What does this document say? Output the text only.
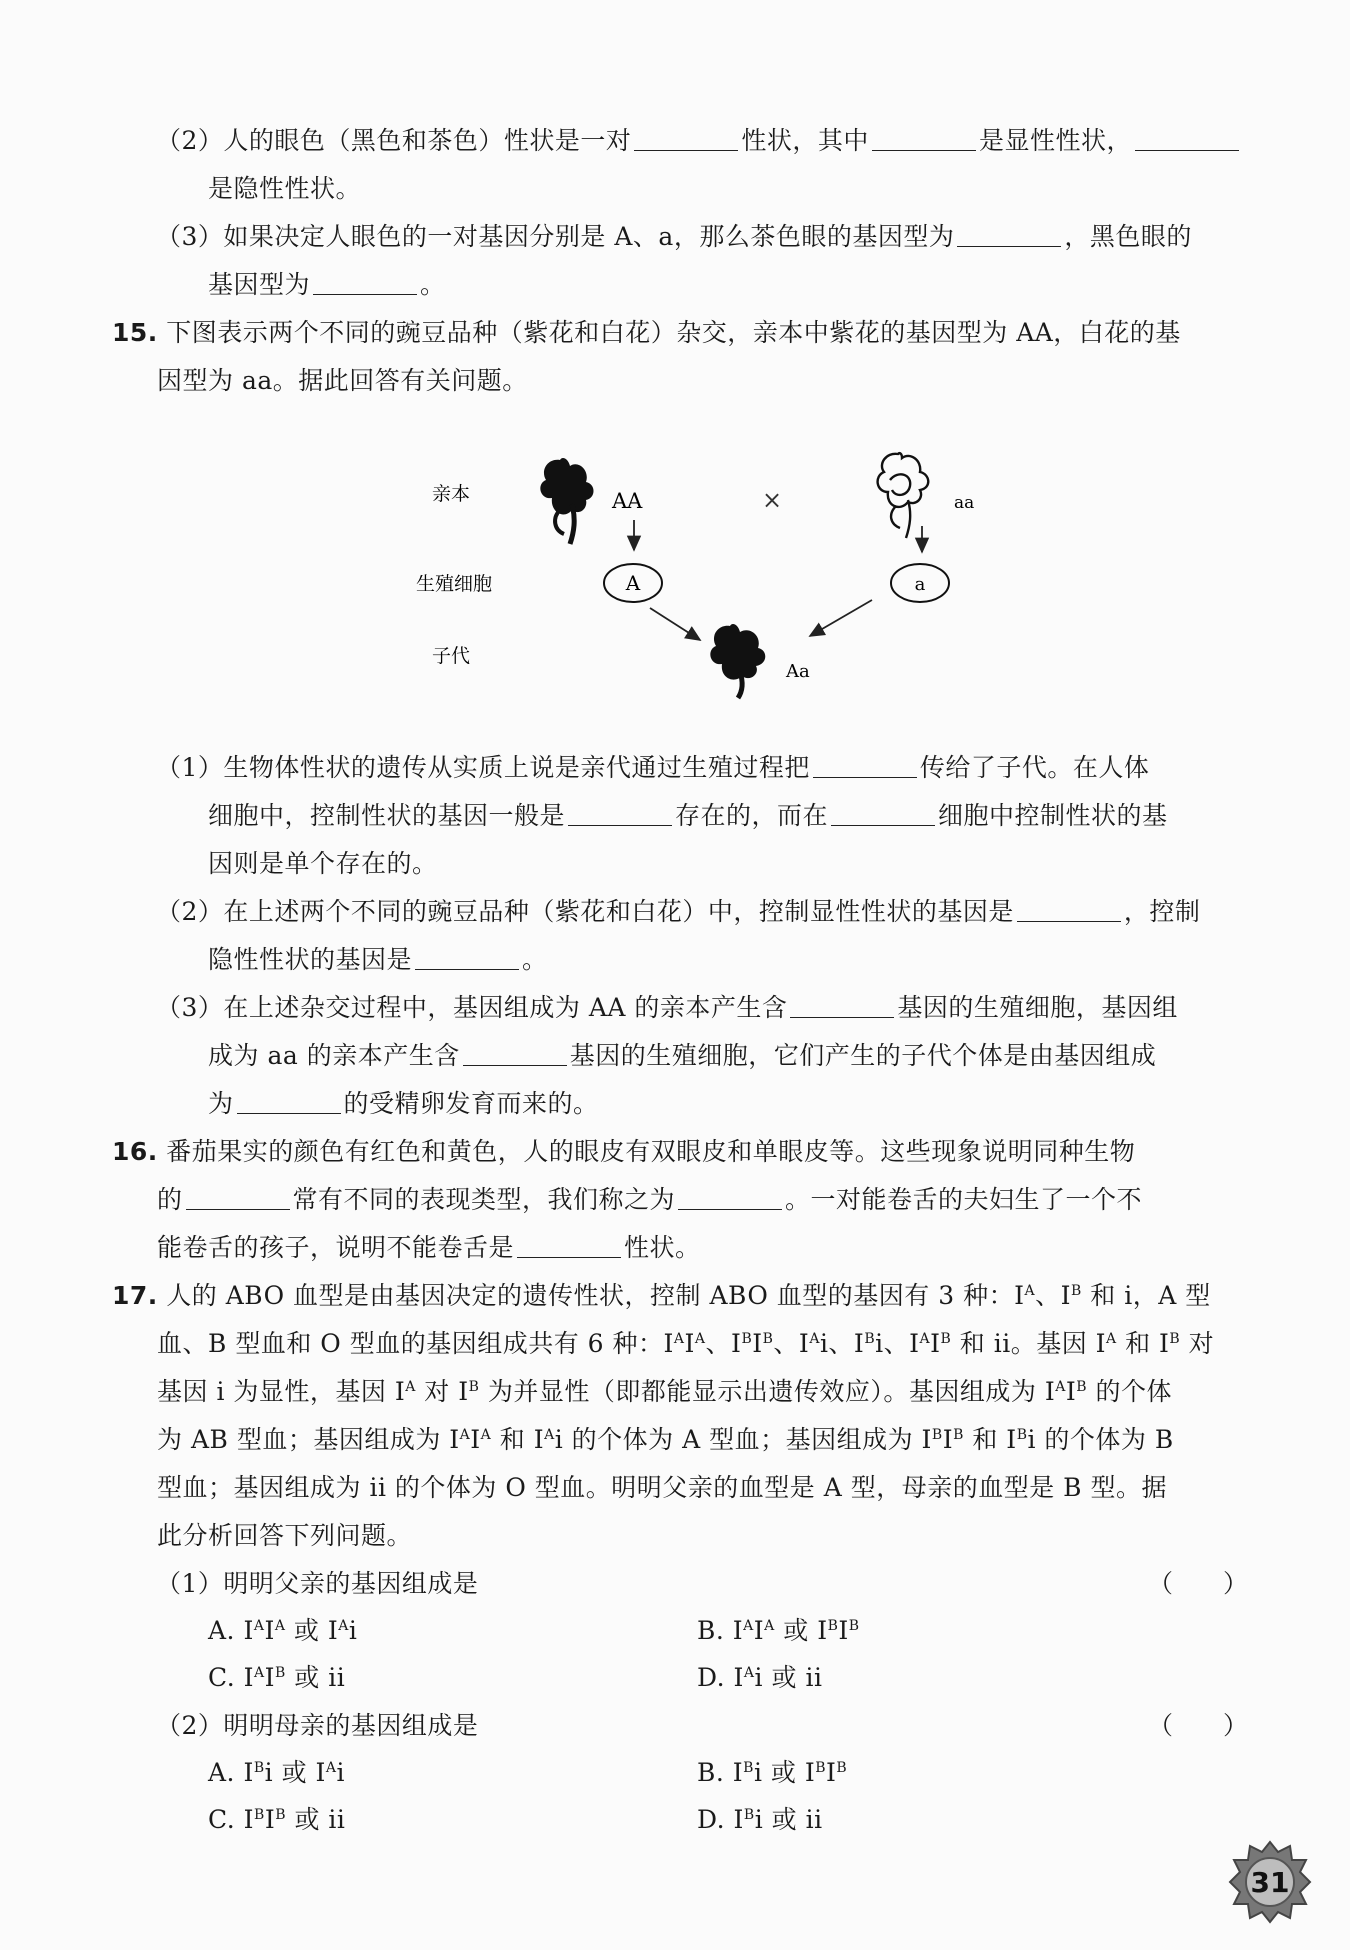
（2）人的眼色（黑色和茶色）性状是一对	性状，其中	是显性性状，
是隐性性状。
（3）如果决定人眼色的一对基因分别是 A、a，那么茶色眼的基因型为	，黑色眼的
基因型为	。
15. 下图表示两个不同的豌豆品种（紫花和白花）杂交，亲本中紫花的基因型为 AA，白花的基
因型为 aa。据此回答有关问题。
亲本
生殖细胞
子代
AA	×	aa
A	a
Aa
（1）生物体性状的遗传从实质上说是亲代通过生殖过程把	传给了子代。在人体
细胞中，控制性状的基因一般是	存在的，而在	细胞中控制性状的基
因则是单个存在的。
（2）在上述两个不同的豌豆品种（紫花和白花）中，控制显性性状的基因是	，控制
隐性性状的基因是	。
（3）在上述杂交过程中，基因组成为 AA 的亲本产生含	基因的生殖细胞，基因组
成为 aa 的亲本产生含	基因的生殖细胞，它们产生的子代个体是由基因组成
为	的受精卵发育而来的。
16. 番茄果实的颜色有红色和黄色，人的眼皮有双眼皮和单眼皮等。这些现象说明同种生物
的	常有不同的表现类型，我们称之为	。一对能卷舌的夫妇生了一个不
能卷舌的孩子，说明不能卷舌是	性状。
17. 人的 ABO 血型是由基因决定的遗传性状，控制 ABO 血型的基因有 3 种：$I^A$、$I^B$ 和 i，A 型
血、B 型血和 O 型血的基因组成共有 6 种：$I^AI^A$、$I^BI^B$、$I^Ai$、$I^Bi$、$I^AI^B$ 和 ii。基因 $I^A$ 和 $I^B$ 对
基因 i 为显性，基因 $I^A$ 对 $I^B$ 为并显性（即都能显示出遗传效应）。基因组成为 $I^AI^B$ 的个体
为 AB 型血；基因组成为 $I^AI^A$ 和 $I^Ai$ 的个体为 A 型血；基因组成为 $I^BI^B$ 和 $I^Bi$ 的个体为 B
型血；基因组成为 ii 的个体为 O 型血。明明父亲的血型是 A 型，母亲的血型是 B 型。据
此分析回答下列问题。
（1）明明父亲的基因组成是	（　　）
A. $I^AI^A$ 或 $I^Ai$	B. $I^AI^A$ 或 $I^BI^B$
C. $I^AI^B$ 或 ii	D. $I^Ai$ 或 ii
（2）明明母亲的基因组成是	（　　）
A. $I^Bi$ 或 $I^Ai$	B. $I^Bi$ 或 $I^BI^B$
C. $I^BI^B$ 或 ii	D. $I^Bi$ 或 ii
31
